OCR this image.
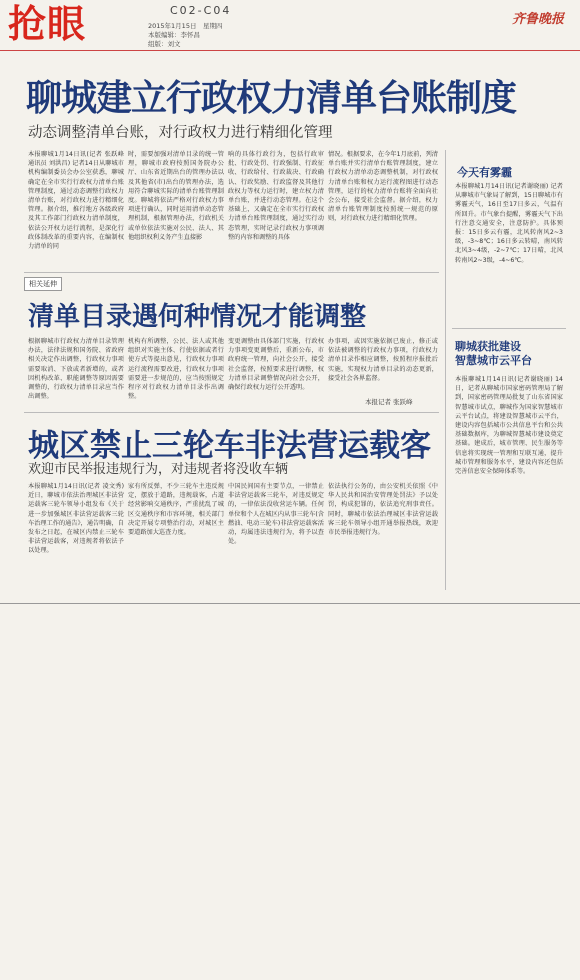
抢眼	C02-C04
2015年1月15日　星期四
本版编辑：李怀昌
组版：刘文
齐鲁晚报
聊城建立行政权力清单台账制度
动态调整清单台账，对行政权力进行精细化管理
本报聊城1月14日讯(记者 张跃峰 通讯员 刘洪昌) 记者14日从聊城市机构编制委员会办公室获悉，聊城确定在全市实行行政权力清单台账管理制度，通过动态调整行政权力清单台账，对行政权力进行精细化管理。据介绍，推行地方各级政府及其工作部门行政权力清单制度，依法公开权力运行流程，是深化行政体制改革的重要内容，在编制权力清单的同
时，需要加强对清单目录的统一管理，聊城市政府按照国务院办公厅、山东省近期出台的管理办法以及其他省(市)出台的管理办法，选用符合聊城实际的清单台账管理制度。聊城将依法严格对行政权力事项进行确认，同时运用清单动态管理机制，根据管理办法，行政机关或单位依法实施对公民、法人、其他组织权利义务产生直接影
响的具体行政行为，包括行政审批、行政处罚、行政强制、行政征收、行政给付、行政裁决、行政确认、行政奖励、行政监督及其他行政权力等权力运行时，建立权力清单台账，并进行动态管理。在这个基础上，又确定在全市实行行政权力清单台账管理制度，通过实行动态管理，实时记录行政权力事项调整的内容和调整的具体
情况。根据要求，在今年1月底前，列清单台账并实行清单台账管理制度，建立行政权力清单动态调整机制，对行政权力清单台账和权力运行流程图进行动态管理，运行的权力清单台账将全面向社会公布，接受社会监督。据介绍，权力清单台账管理制度按照统一规范的原则，对行政权力进行精细化管理。
相关延伸
清单目录遇何种情况才能调整
根据聊城市行政权力清单目录管理办法，法律法规和国务院、省政府相关决定作出调整，行政权力事项需要取消、下放或者新增的，或者因机构改革、职能调整等原因需要调整的，行政权力清单目录应当作出调整。
机构有所调整，公民、法人或其他组织对实施主体、行使依据或者行使方式等提出意见，行政权力事项运行流程需要改进，行政权力事项需要进一步规范的，应当按照规定程序对行政权力清单目录作出调整。
变更调整由具体部门实施，行政权力事项变更调整后，重新公布，市政府统一管理，向社会公开，接受社会监督，按照要求进行调整，权力清单目录调整情况向社会公开，确保行政权力运行公开透明。
办事项，或因实施依据已废止，修正或依法被调整的行政权力事项，行政权力清单目录作相应调整，按照程序报批后实施，实现权力清单目录的动态更新，接受社会各界监督。
本报记者 张跃峰
城区禁止三轮车非法营运载客
欢迎市民举报违规行为，对违规者将没收车辆
本报聊城1月14日讯(记者 凌文秀) 近日，聊城市依法治理城区非法营运载客三轮车领导小组发布《关于进一步加强城区非法营运载客三轮车治理工作的通告》，通告明确，自发布之日起，在城区内禁止三轮车非法营运载客，对违规者将依法予以处理。
家有所反弹，不少三轮车主违反规定，摆放于道路，违规载客，占道经营影响交通秩序，严重扰乱了城区交通秩序和市容环境，相关部门决定开展专项整治行动，对城区主要道路加大巡查力度。
中国民间国有主要节点，一律禁止非法营运载客三轮车，对违反规定的，一律依法没收营运车辆。任何单位和个人在城区内从事三轮车(含燃油、电动三轮车)非法营运载客活动，均属违法违规行为，将予以查处。
依法执行公务的，由公安机关依照《中华人民共和国治安管理处罚法》予以处罚，构成犯罪的，依法追究刑事责任。同时，聊城市依法治理城区非法营运载客三轮车领导小组开通举报热线，欢迎市民举报违规行为。
今天有雾霾
本报聊城1月14日讯(记者谢晓丽) 记者从聊城市气象局了解到，15日聊城市有雾霾天气，16日至17日多云，气温有所回升。市气象台提醒，雾霾天气下出行注意交通安全，注意防护。具体预报：15日多云有霾，北风转南风2~3级，-3~8℃；16日多云转晴，南风转北风3~4级，-2~7℃；17日晴，北风转南风2~3级，-4~6℃。
聊城获批建设
智慧城市云平台
本报聊城1月14日讯(记者谢晓丽) 14日，记者从聊城市国家密码管理局了解到，国家密码管理局批复了山东省国家智慧城市试点，聊城作为国家智慧城市云平台试点，将建设智慧城市云平台，建设内容包括城市公共信息平台和公共基础数据库，为聊城智慧城市建设奠定基础。建成后，城市管理、民生服务等信息将实现统一管理和互联互通，提升城市管理和服务水平，建设内容还包括完善信息安全保障体系等。
